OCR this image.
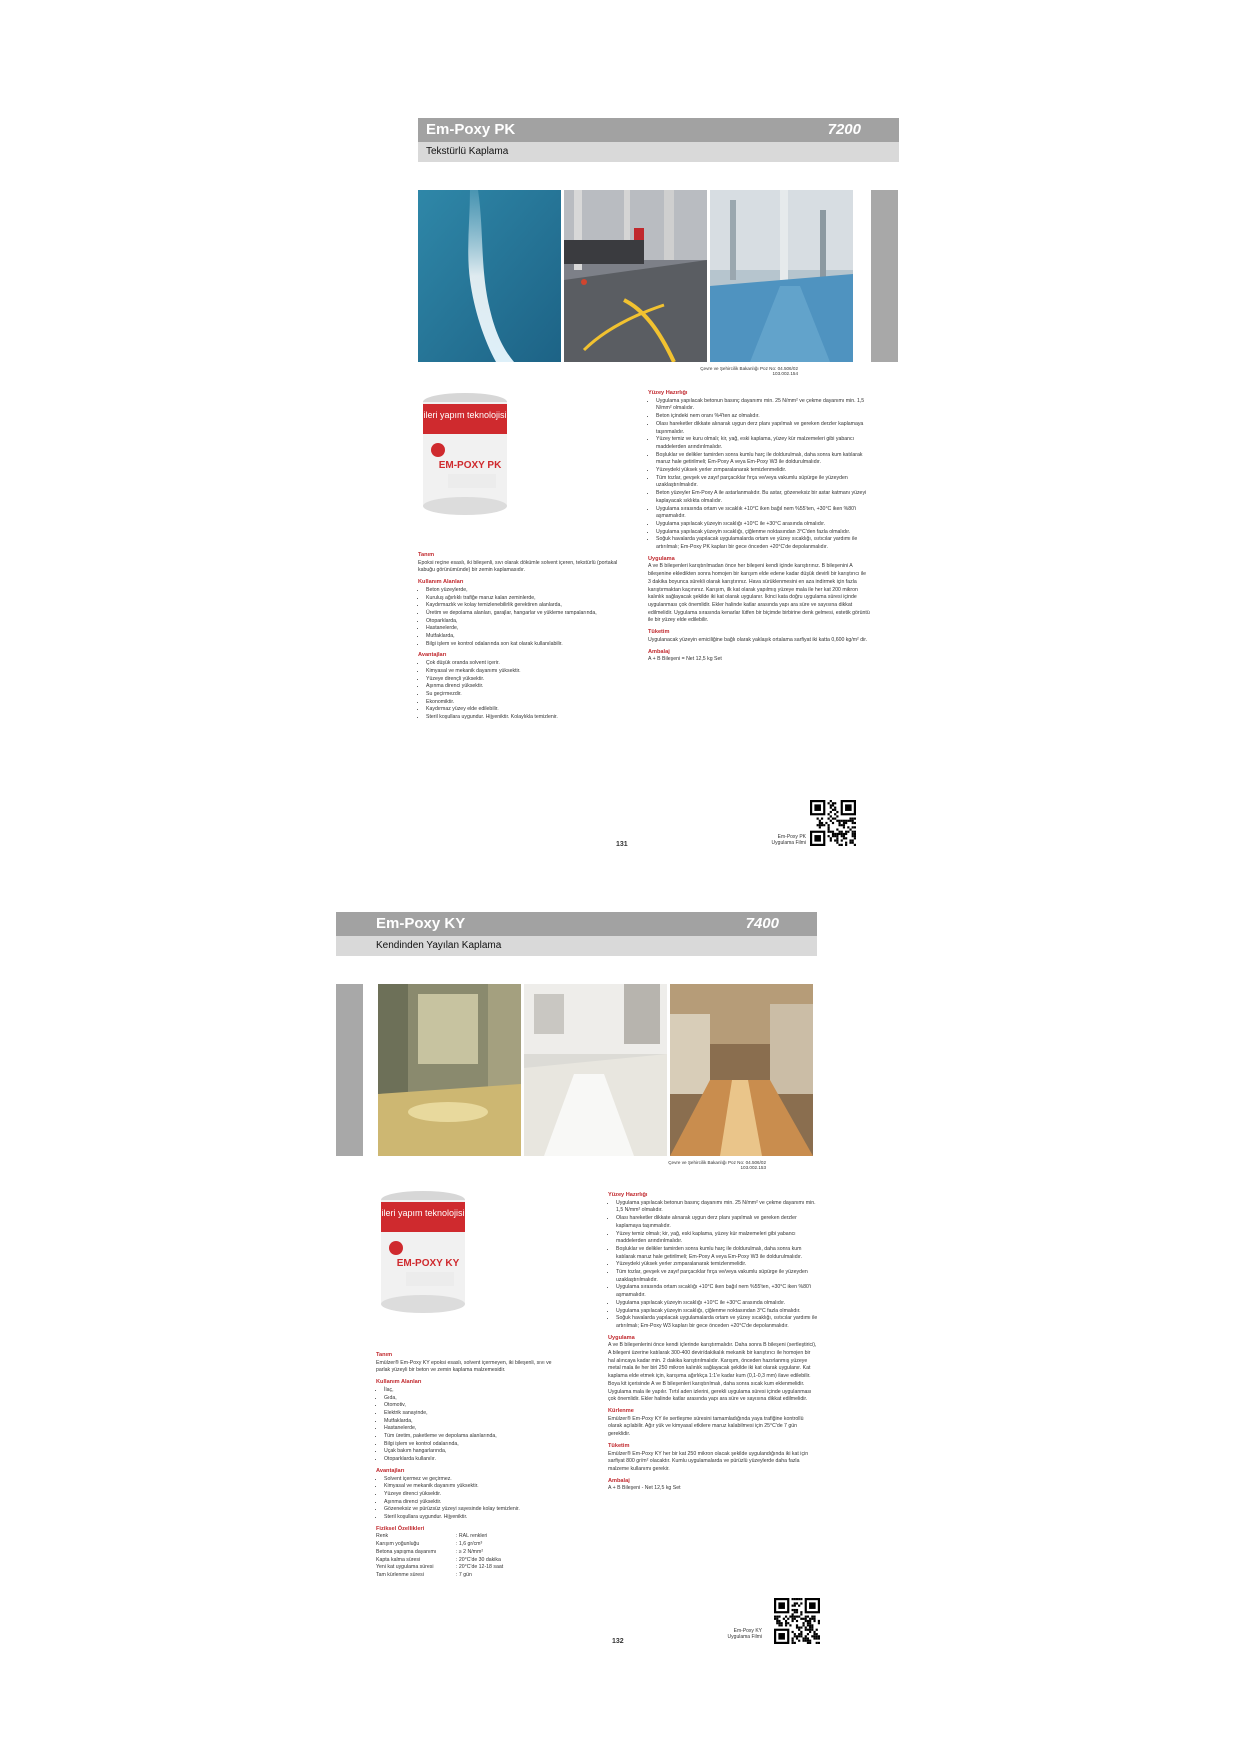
Em-Poxy PK	7200
Tekstürlü Kaplama
Çevre ve Şehircilik Bakanlığı Poz No: 04.506/02
103.002.154
ileri yapım teknolojisi
EM-POXY PK
Tanım

Epoksi reçine esaslı, iki bileşenli, sıvı olarak dökümle solvent içeren, tekstürlü (portakal kabuğu görünümünde) bir zemin kaplamasıdır.

Kullanım Alanları
• Beton yüzeylerde,
• Kuruluş ağırlıklı trafiğe maruz kalan zeminlerde,
• Kaydırmazlık ve kolay temizlenebilirlik gerektiren alanlarda,
• Üretim ve depolama alanları, garajlar, hangarlar ve yükleme rampalarında,
• Otoparklarda,
• Hastanelerde,
• Mutfaklarda,
• Bilgi işlem ve kontrol odalarında son kat olarak kullanılabilir.
Avantajları
• Çok düşük oranda solvent içerir.
• Kimyasal ve mekanik dayanımı yüksektir.
• Yüzeye dirençli yüksektir.
• Aşınma direnci yüksektir.
• Su geçirmezdir.
• Ekonomiktir.
• Kaydırmaz yüzey elde edilebilir.
• Steril koşullara uygundur. Hijyeniktir. Kolaylıkla temizlenir.
Yüzey Hazırlığı
• Uygulama yapılacak betonun basınç dayanımı min. 25 N/mm² ve çekme dayanımı min. 1,5 N/mm² olmalıdır.
• Beton içindeki nem oranı %4'ten az olmalıdır.
• Olası hareketler dikkate alınarak uygun derz planı yapılmalı ve gereken derzler kaplamaya taşınmalıdır.
• Yüzey temiz ve kuru olmalı; kir, yağ, eski kaplama, yüzey kür malzemeleri gibi yabancı maddelerden arındırılmalıdır.
• Boşluklar ve delikler tamirden sonra kumlu harç ile doldurulmalı, daha sonra kum katılarak maruz hale getirilmeli; Em-Poxy A veya Em-Poxy W3 ile doldurulmalıdır.
• Yüzeydeki yüksek yerler zımparalanarak temizlenmelidir.
• Tüm tozlar, gevşek ve zayıf parçacıklar fırça ve/veya vakumlu süpürge ile yüzeyden uzaklaştırılmalıdır.
• Beton yüzeyler Em-Poxy A ile astarlanmalıdır. Bu astar, gözeneksiz bir astar katmanı yüzeyi kaplayacak sıklıkta olmalıdır.
• Uygulama sırasında ortam ve sıcaklık +10°C iken bağıl nem %55'ten, +30°C iken %80'i aşmamalıdır.
• Uygulama yapılacak yüzeyin sıcaklığı +10°C ile +30°C arasında olmalıdır.
• Uygulama yapılacak yüzeyin sıcaklığı, çiğlenme noktasından 3°C'den fazla olmalıdır.
• Soğuk havalarda yapılacak uygulamalarda ortam ve yüzey sıcaklığı, ısıtıcılar yardımı ile artırılmalı; Em-Poxy PK kapları bir gece önceden +20°C'de depolanmalıdır.
Uygulama

A ve B bileşenleri karıştırılmadan önce her bileşeni kendi içinde karıştırınız. B bileşenini A bileşenine ekledikten sonra homojen bir karışım elde edene kadar düşük devirli bir karıştırıcı ile 3 dakika boyunca sürekli olarak karıştırınız. Hava sürüklenmesini en aza indirmek için fazla karıştırmaktan kaçınınız. Karışım, ilk kat olarak yapılmış yüzeye mala ile her kat 200 mikron kalınlık sağlayacak şekilde iki kat olarak uygulanır. İkinci kata doğru uygulama süresi içinde uygulanması çok önemlidir. Ekler halinde katlar arasında yapı ara süre ve sayısına dikkat edilmelidir. Uygulama sırasında kenarlar lütfen bir biçimde birbirine denk gelmesi, estetik görüntü ile bir yüzey elde edilebilir.

Tüketim

Uygulanacak yüzeyin emiciliğine bağlı olarak yaklaşık ortalama sarfiyat iki katta 0,600 kg/m² dir.

Ambalaj

A + B Bileşeni = Net 12,5 kg Set

Em-Poxy PK
Uygulama Filmi
131
Em-Poxy KY	7400
Kendinden Yayılan Kaplama
Çevre ve Şehircilik Bakanlığı Poz No: 04.506/02
103.002.153
ileri yapım teknolojisi
EM-POXY KY
Tanım

Emülzer® Em-Poxy KY epoksi esaslı, solvent içermeyen, iki bileşenli, sıvı ve parlak yüzeyli bir beton ve zemin kaplama malzemesidir.

Kullanım Alanları
• İlaç,
• Gıda,
• Otomotiv,
• Elektrik sanayinde,
• Mutfaklarda,
• Hastanelerde,
• Tüm üretim, paketleme ve depolama alanlarında,
• Bilgi işlem ve kontrol odalarında,
• Uçak bakım hangarlarında,
• Otoparklarda kullanılır.
Avantajları
• Solvent içermez ve geçirmez.
• Kimyasal ve mekanik dayanımı yüksektir.
• Yüzeye direnci yüksektir.
• Aşınma direnci yüksektir.
• Gözeneksiz ve pürüzsüz yüzeyi sayesinde kolay temizlenir.
• Steril koşullara uygundur. Hijyeniktir.
Fiziksel Özellikleri
Renk	: RAL renkleri
Karışım yoğunluğu	: 1,6 gr/cm³
Betona yapışma dayanımı	: ≥ 2 N/mm²
Kapta kalma süresi	: 20°C'de 30 dakika
Yeni kat uygulama süresi	: 20°C'de 12-18 saat
Tam kürlenme süresi	: 7 gün
Yüzey Hazırlığı
• Uygulama yapılacak betonun basınç dayanımı min. 25 N/mm² ve çekme dayanımı min. 1,5 N/mm² olmalıdır.
• Olası hareketler dikkate alınarak uygun derz planı yapılmalı ve gereken derzler kaplamaya taşınmalıdır.
• Yüzey temiz olmalı; kir, yağ, eski kaplama, yüzey kür malzemeleri gibi yabancı maddelerden arındırılmalıdır.
• Boşluklar ve delikler tamirden sonra kumlu harç ile doldurulmalı, daha sonra kum katılarak maruz hale getirilmeli; Em-Poxy A veya Em-Poxy W3 ile doldurulmalıdır.
• Yüzeydeki yüksek yerler zımparalanarak temizlenmelidir.
• Tüm tozlar, gevşek ve zayıf parçacıklar fırça ve/veya vakumlu süpürge ile yüzeyden uzaklaştırılmalıdır.
• Uygulama sırasında ortam sıcaklığı +10°C iken bağıl nem %55'ten, +30°C iken %80'i aşmamalıdır.
• Uygulama yapılacak yüzeyin sıcaklığı +10°C ile +30°C arasında olmalıdır.
• Uygulama yapılacak yüzeyin sıcaklığı, çiğlenme noktasından 3°C fazla olmalıdır.
• Soğuk havalarda yapılacak uygulamalarda ortam ve yüzey sıcaklığı, ısıtıcılar yardımı ile artırılmalı; Em-Poxy W3 kapları bir gece önceden +20°C'de depolanmalıdır.
Uygulama

A ve B bileşenlerini önce kendi içlerinde karıştırmalıdır. Daha sonra B bileşeni (sertleştirici), A bileşeni üzerine katılarak 300-400 devir/dakikalık mekanik bir karıştırıcı ile homojen bir hal alıncaya kadar min. 2 dakika karıştırılmalıdır. Karışım, önceden hazırlanmış yüzeye metal mala ile her biri 250 mikron kalınlık sağlayacak şekilde iki kat olarak uygulanır. Kat kaplama elde etmek için, karışıma ağırlıkça 1:1'e kadar kum (0,1-0,3 mm) ilave edilebilir. Boya kit içerisinde A ve B bileşenleri karıştırılmalı, daha sonra sıcak kum eklenmelidir. Uygulama mala ile yapılır. Tırtıl aden izlerini, gerekli uygulama süresi içinde uygulanması çok önemlidir. Ekler halinde katlar arasında yapı ara süre ve sayısına dikkat edilmelidir.

Kürlenme

Emülzer® Em-Poxy KY ile sertleşme süresini tamamladığında yaya trafiğine kontrollü olarak açılabilir. Ağır yük ve kimyasal etkilere maruz kalabilmesi için 25°C'de 7 gün gereklidir.

Tüketim

Emülzer® Em-Poxy KY her bir kat 250 mikron olacak şekilde uygulandığında iki kat için sarfiyat 800 gr/m² olacaktır. Kumlu uygulamalarda ve pürüzlü yüzeylerde daha fazla malzeme kullanımı gerekir.

Ambalaj

A + B Bileşeni - Net 12,5 kg Set

Em-Poxy KY
Uygulama Filmi
132
